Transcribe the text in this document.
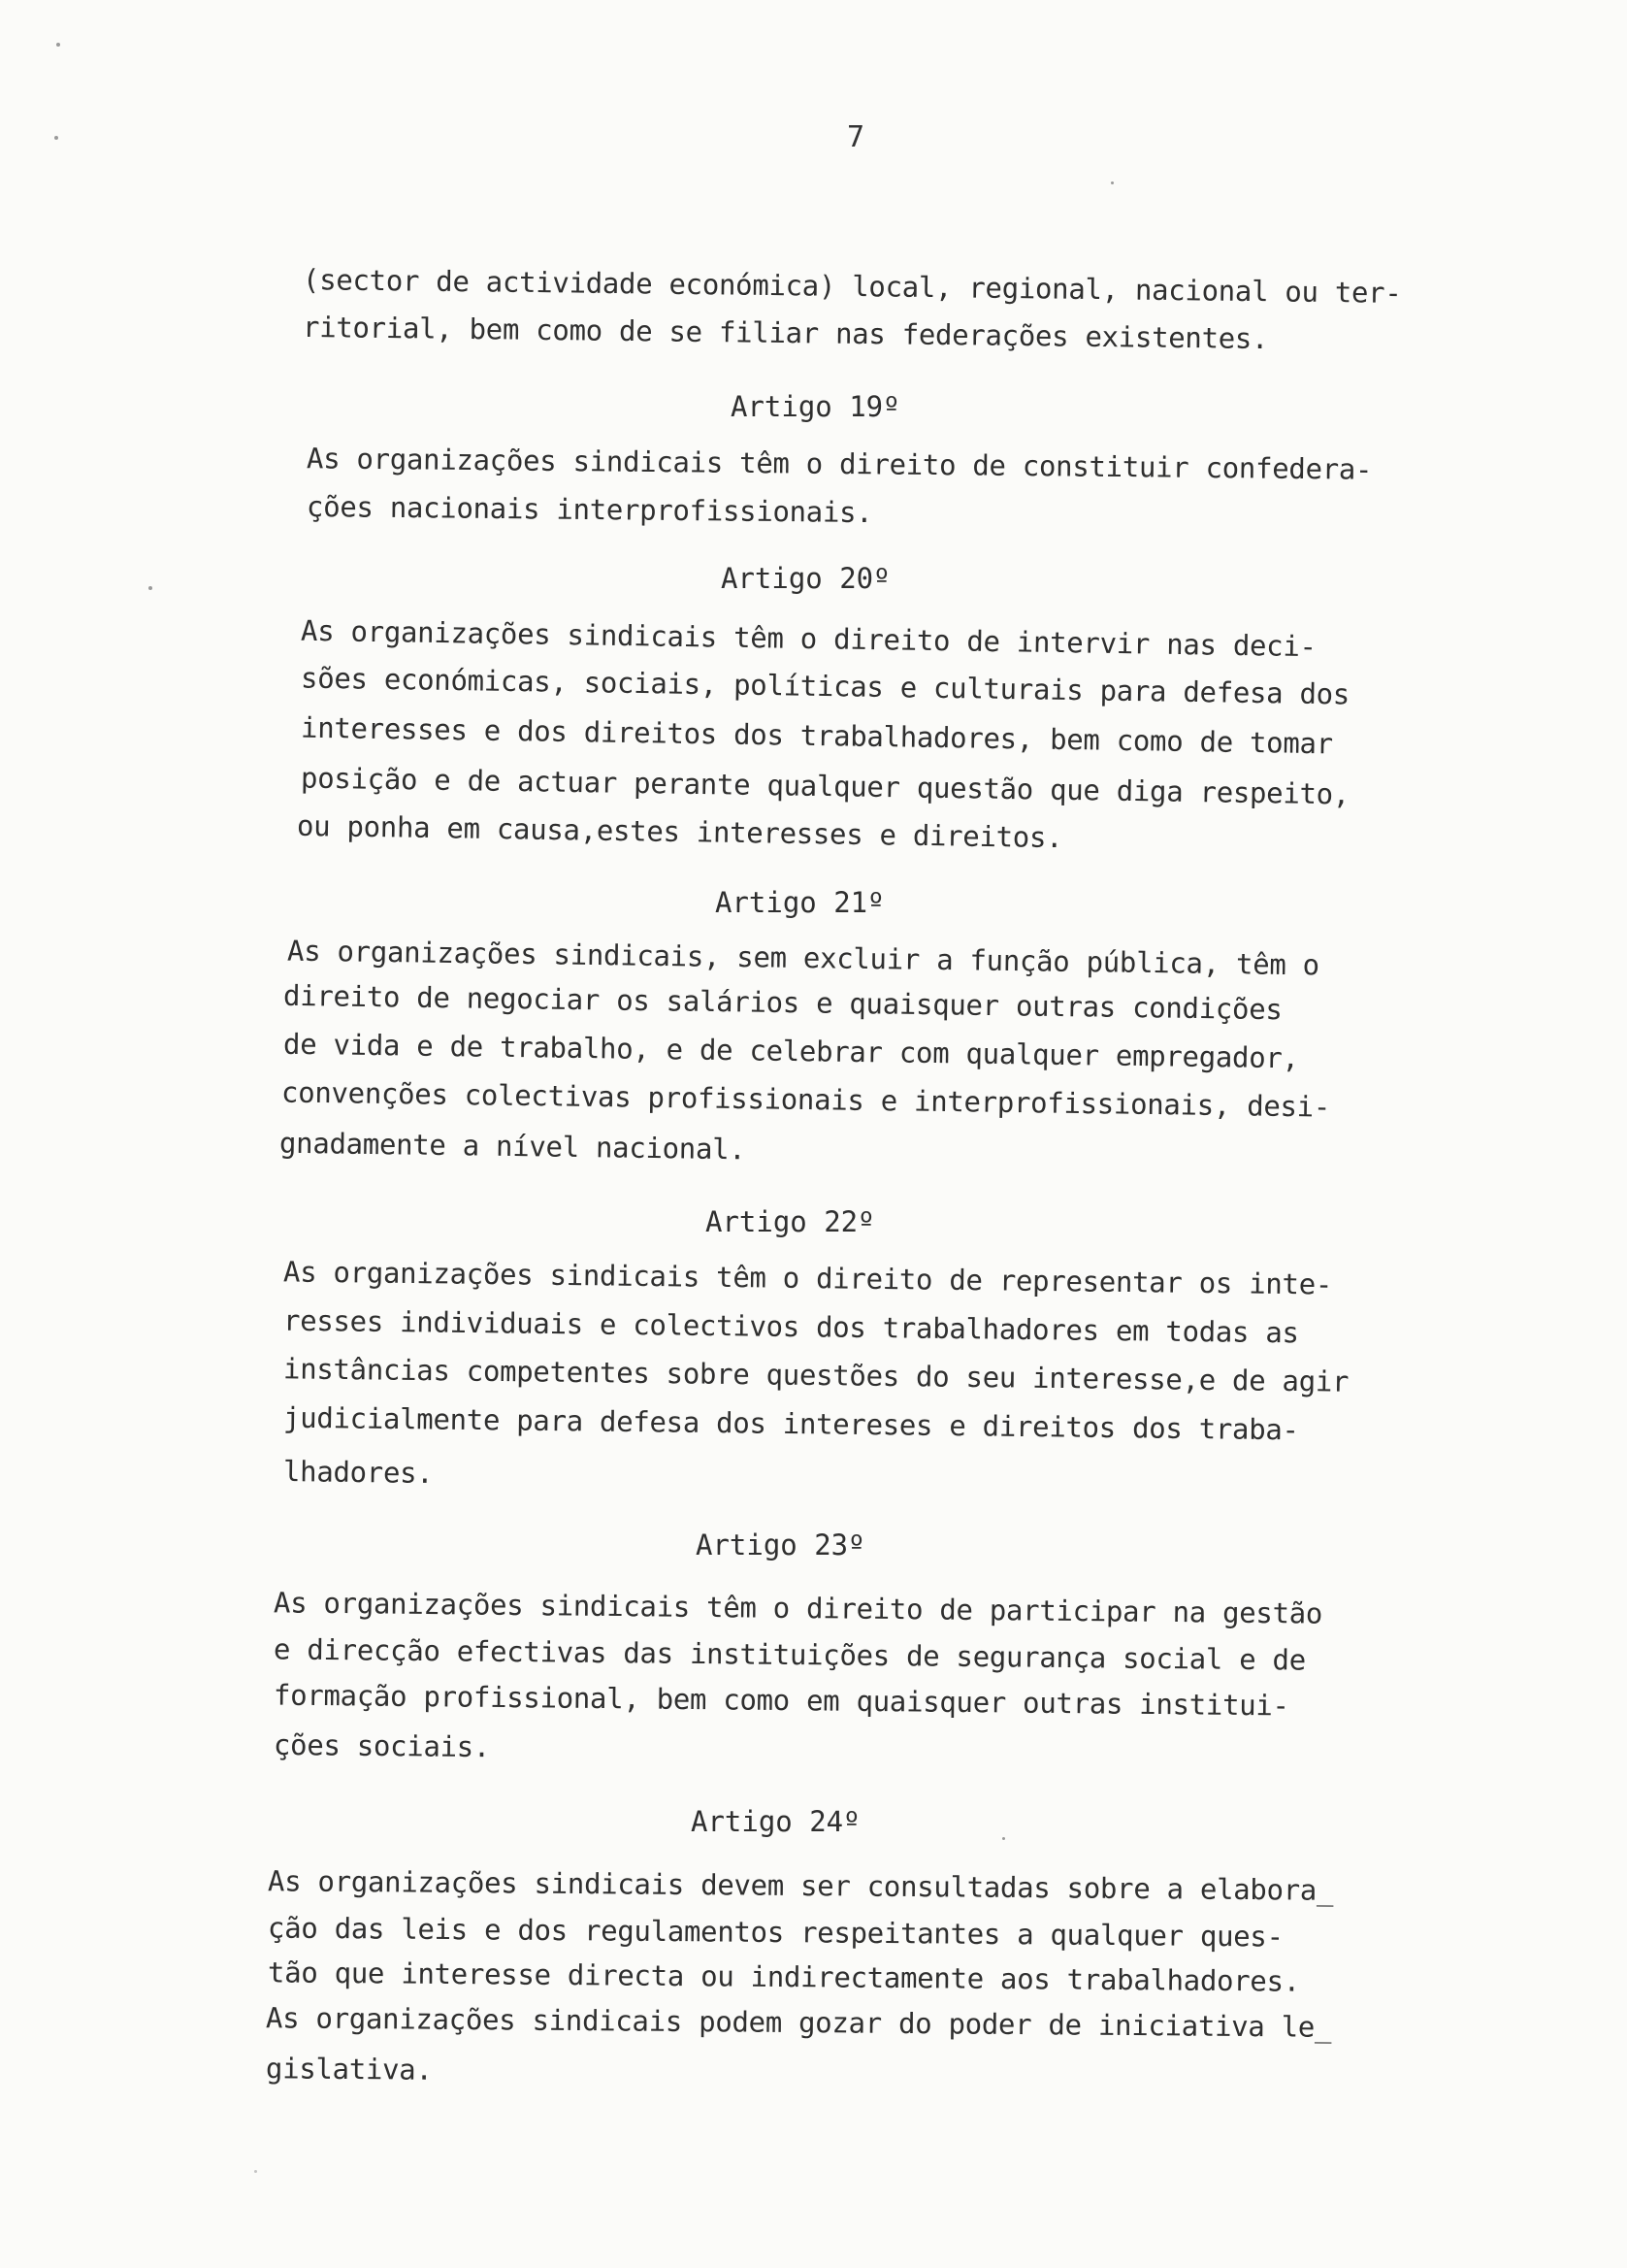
7
(sector de actividade económica) local, regional, nacional ou ter-
ritorial, bem como de se filiar nas federações existentes.
Artigo 19º
As organizações sindicais têm o direito de constituir confedera-
ções nacionais interprofissionais.
Artigo 20º
As organizações sindicais têm o direito de intervir nas deci-
sões económicas, sociais, políticas e culturais para defesa dos
interesses e dos direitos dos trabalhadores, bem como de tomar
posição e de actuar perante qualquer questão que diga respeito,
ou ponha em causa,estes interesses e direitos.
Artigo 21º
As organizações sindicais, sem excluir a função pública, têm o
direito de negociar os salários e quaisquer outras condições
de vida e de trabalho, e de celebrar com qualquer empregador,
convenções colectivas profissionais e interprofissionais, desi-
gnadamente a nível nacional.
Artigo 22º
As organizações sindicais têm o direito de representar os inte-
resses individuais e colectivos dos trabalhadores em todas as
instâncias competentes sobre questões do seu interesse,e de agir
judicialmente para defesa dos intereses e direitos dos traba-
lhadores.
Artigo 23º
As organizações sindicais têm o direito de participar na gestão
e direcção efectivas das instituições de segurança social e de
formação profissional, bem como em quaisquer outras institui-
ções sociais.
Artigo 24º
As organizações sindicais devem ser consultadas sobre a elabora_
ção das leis e dos regulamentos respeitantes a qualquer ques-
tão que interesse directa ou indirectamente aos trabalhadores.
As organizações sindicais podem gozar do poder de iniciativa le_
gislativa.
